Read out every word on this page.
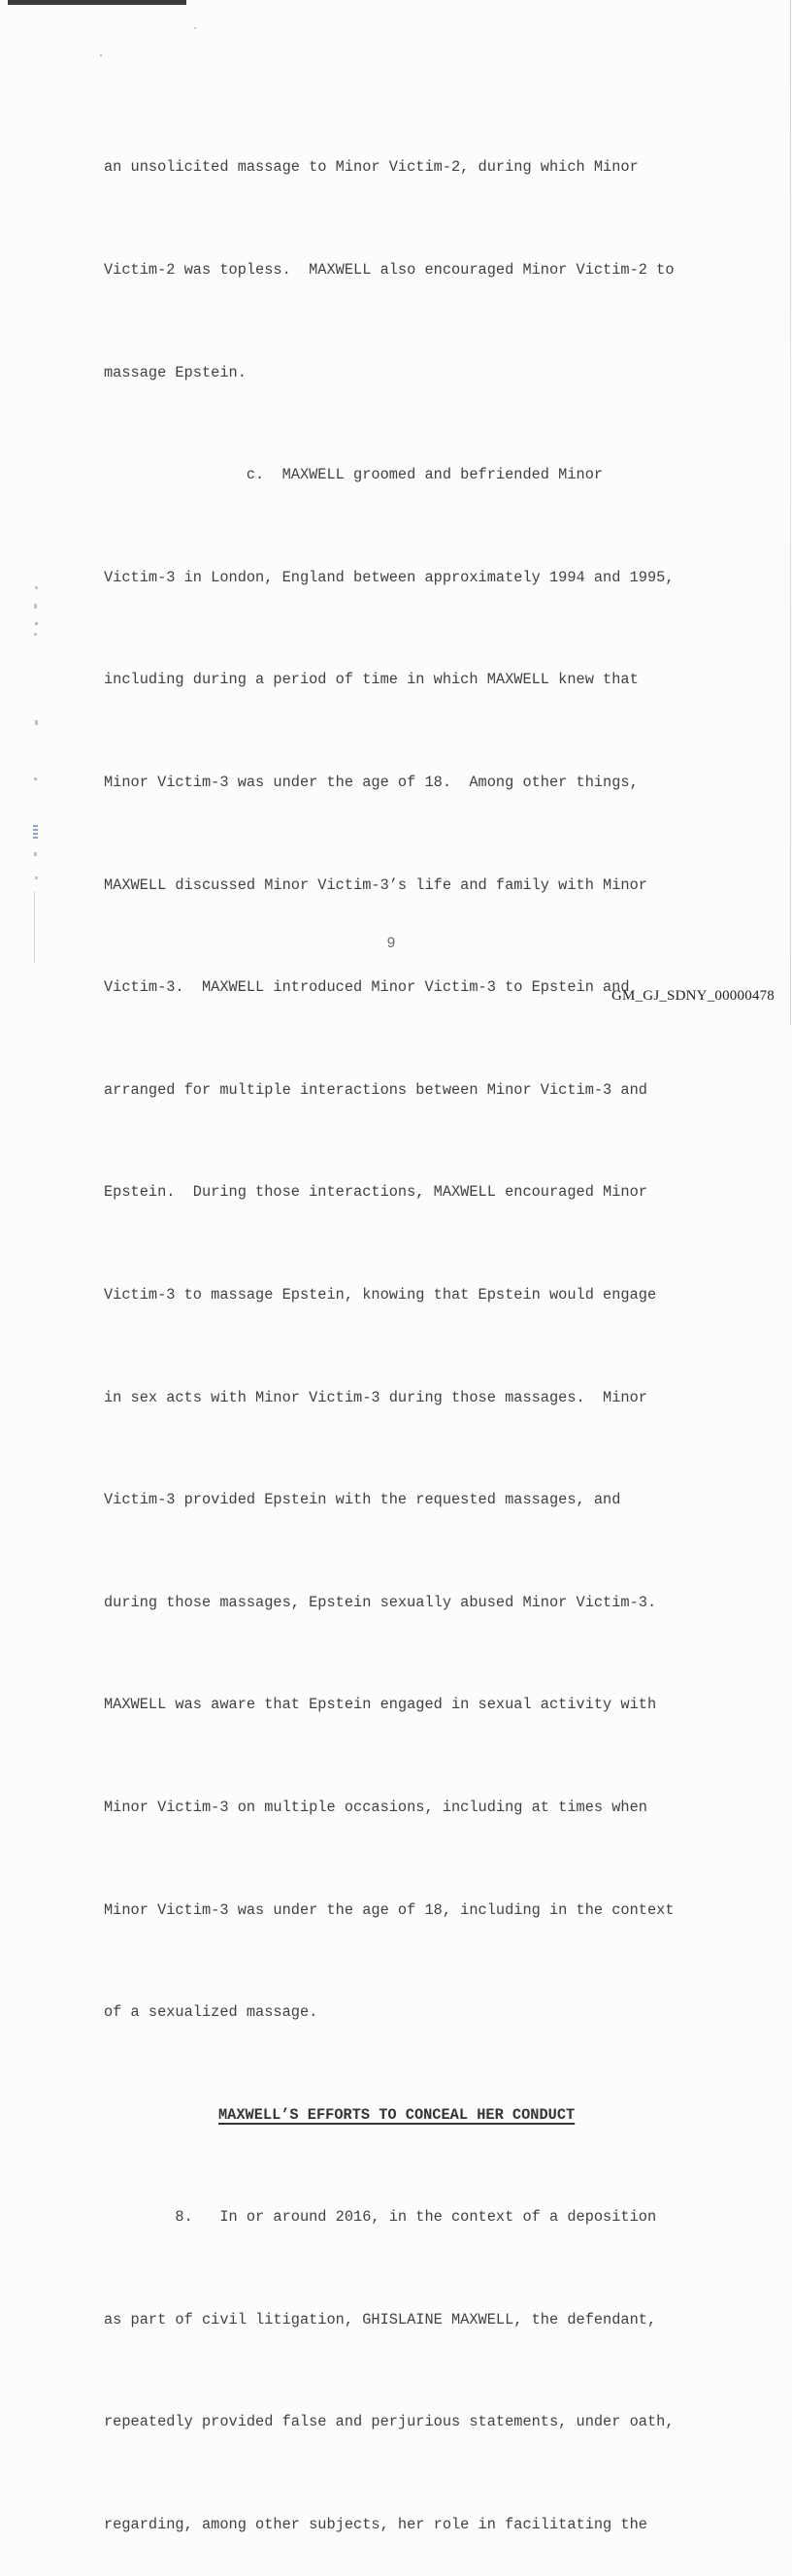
an unsolicited massage to Minor Victim-2, during which Minor

Victim-2 was topless.  MAXWELL also encouraged Minor Victim-2 to

massage Epstein.

c.  MAXWELL groomed and befriended Minor

Victim-3 in London, England between approximately 1994 and 1995,

including during a period of time in which MAXWELL knew that

Minor Victim-3 was under the age of 18.  Among other things,

MAXWELL discussed Minor Victim-3’s life and family with Minor

Victim-3.  MAXWELL introduced Minor Victim-3 to Epstein and

arranged for multiple interactions between Minor Victim-3 and

Epstein.  During those interactions, MAXWELL encouraged Minor

Victim-3 to massage Epstein, knowing that Epstein would engage

in sex acts with Minor Victim-3 during those massages.  Minor

Victim-3 provided Epstein with the requested massages, and

during those massages, Epstein sexually abused Minor Victim-3.

MAXWELL was aware that Epstein engaged in sexual activity with

Minor Victim-3 on multiple occasions, including at times when

Minor Victim-3 was under the age of 18, including in the context

of a sexualized massage.

MAXWELL’S EFFORTS TO CONCEAL HER CONDUCT

8.   In or around 2016, in the context of a deposition

as part of civil litigation, GHISLAINE MAXWELL, the defendant,

repeatedly provided false and perjurious statements, under oath,

regarding, among other subjects, her role in facilitating the

9
GM_GJ_SDNY_00000478
